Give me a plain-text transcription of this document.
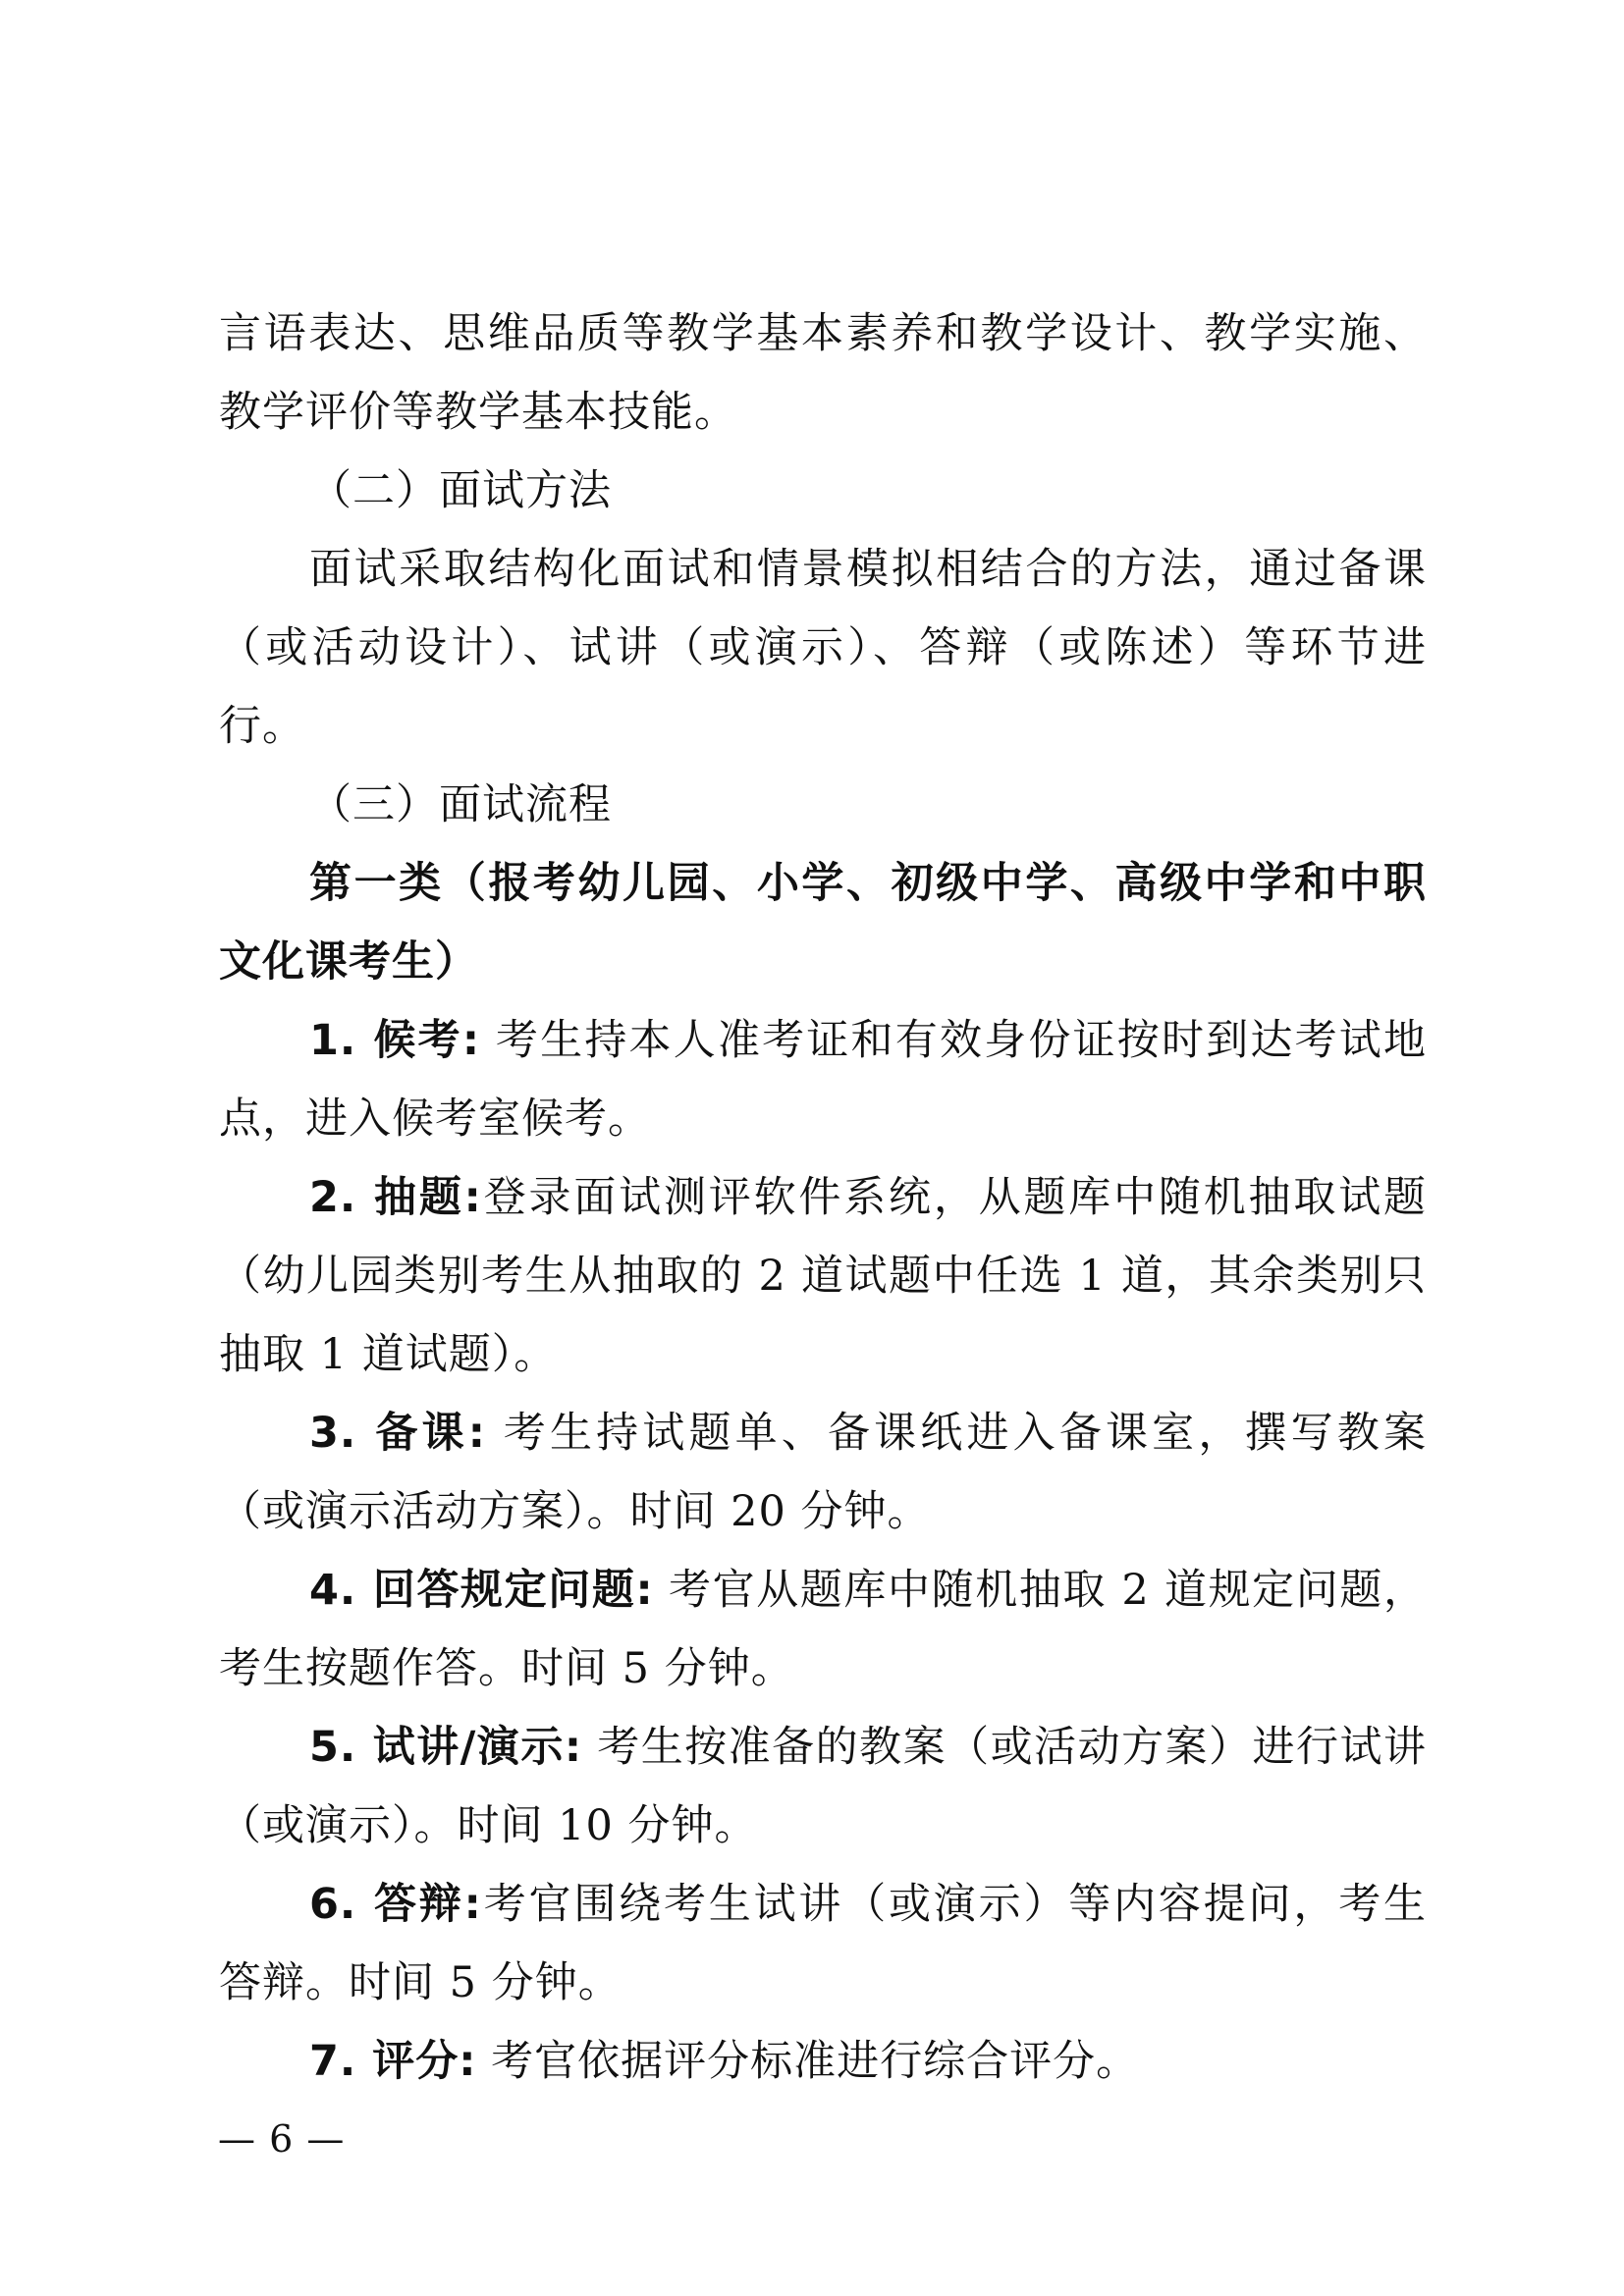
言语表达、思维品质等教学基本素养和教学设计、教学实施、教学评价等教学基本技能。

（二）面试方法

面试采取结构化面试和情景模拟相结合的方法，通过备课（或活动设计）、试讲（或演示）、答辩（或陈述）等环节进行。

（三）面试流程

第一类（报考幼儿园、小学、初级中学、高级中学和中职文化课考生）

1. 候考: 考生持本人准考证和有效身份证按时到达考试地点，进入候考室候考。

2. 抽题:登录面试测评软件系统，从题库中随机抽取试题（幼儿园类别考生从抽取的 2 道试题中任选 1 道，其余类别只抽取 1 道试题）。

3. 备课: 考生持试题单、备课纸进入备课室，撰写教案（或演示活动方案）。时间 20 分钟。

4. 回答规定问题: 考官从题库中随机抽取 2 道规定问题，考生按题作答。时间 5 分钟。

5. 试讲/演示: 考生按准备的教案（或活动方案）进行试讲（或演示）。时间 10 分钟。

6. 答辩:考官围绕考生试讲（或演示）等内容提问，考生答辩。时间 5 分钟。

7. 评分: 考官依据评分标准进行综合评分。

— 6 —
